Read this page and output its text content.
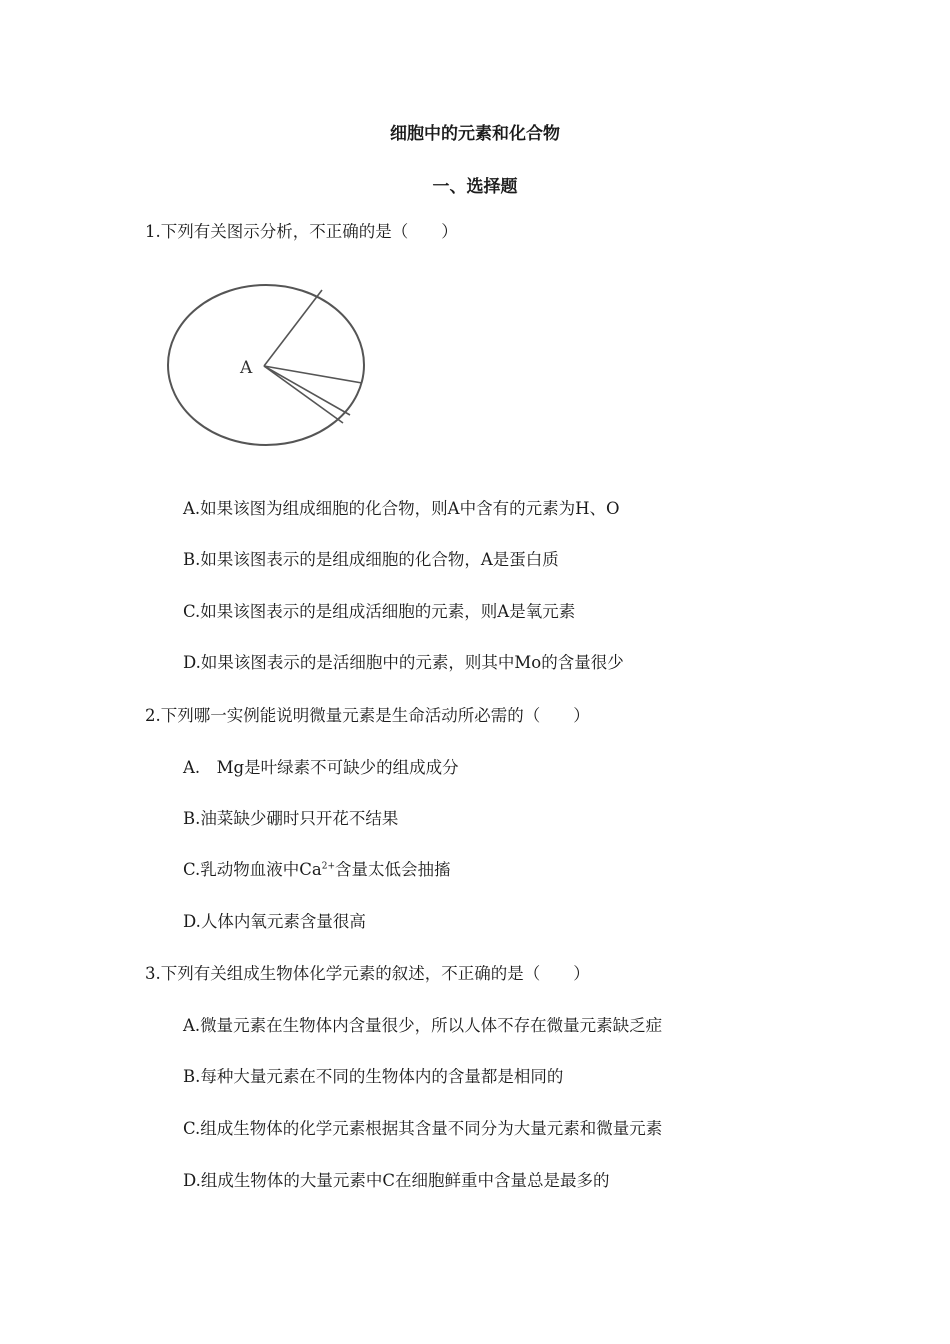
细胞中的元素和化合物
一、选择题
1.下列有关图示分析，不正确的是（　　）
A
A.如果该图为组成细胞的化合物，则A中含有的元素为H、O
B.如果该图表示的是组成细胞的化合物，A是蛋白质
C.如果该图表示的是组成活细胞的元素，则A是氧元素
D.如果该图表示的是活细胞中的元素，则其中Mo的含量很少
2.下列哪一实例能说明微量元素是生命活动所必需的（　　）
A.　Mg是叶绿素不可缺少的组成成分
B.油菜缺少硼时只开花不结果
C.乳动物血液中$Ca^{2+}$含量太低会抽搐
D.人体内氧元素含量很高
3.下列有关组成生物体化学元素的叙述，不正确的是（　　）
A.微量元素在生物体内含量很少，所以人体不存在微量元素缺乏症
B.每种大量元素在不同的生物体内的含量都是相同的
C.组成生物体的化学元素根据其含量不同分为大量元素和微量元素
D.组成生物体的大量元素中C在细胞鲜重中含量总是最多的
